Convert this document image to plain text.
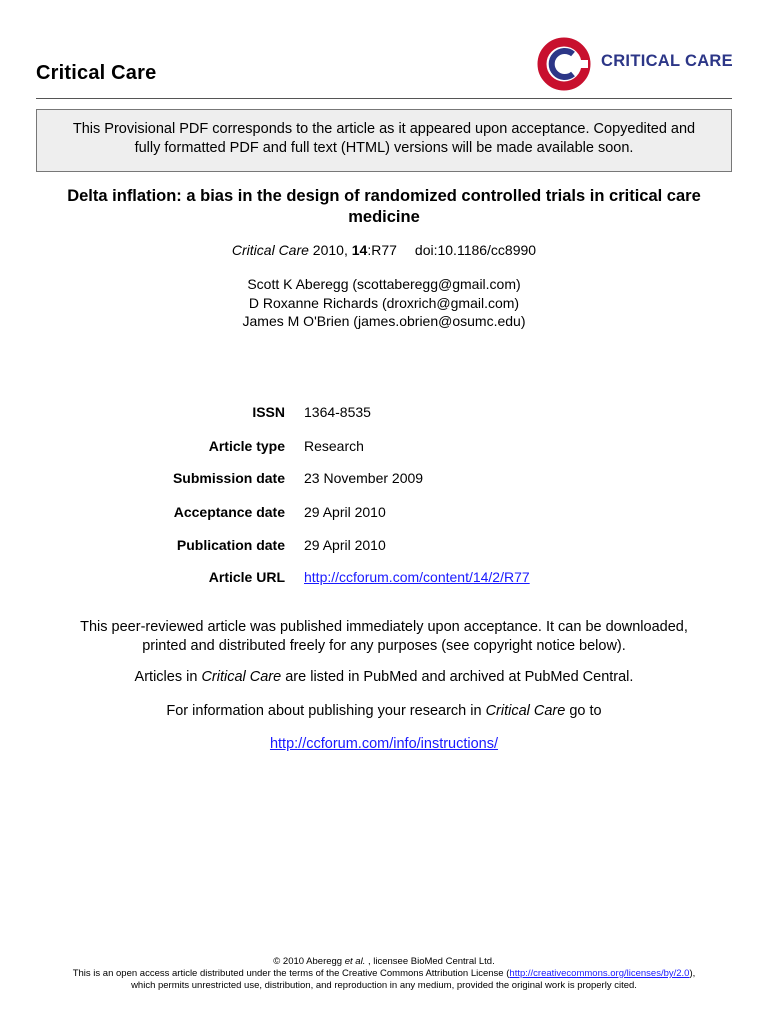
Critical Care
CRITICAL CARE
This Provisional PDF corresponds to the article as it appeared upon acceptance. Copyedited and
fully formatted PDF and full text (HTML) versions will be made available soon.
Delta inflation: a bias in the design of randomized controlled trials in critical care
medicine
Critical Care 2010, 14:R77 doi:10.1186/cc8990
Scott K Aberegg (scottaberegg@gmail.com)
D Roxanne Richards (droxrich@gmail.com)
James M O'Brien (james.obrien@osumc.edu)
ISSN 1364-8535
Article type Research
Submission date 23 November 2009
Acceptance date 29 April 2010
Publication date 29 April 2010
Article URL http://ccforum.com/content/14/2/R77
This peer-reviewed article was published immediately upon acceptance. It can be downloaded,
printed and distributed freely for any purposes (see copyright notice below).
Articles in Critical Care are listed in PubMed and archived at PubMed Central.
For information about publishing your research in Critical Care go to
http://ccforum.com/info/instructions/
© 2010 Aberegg et al. , licensee BioMed Central Ltd.
This is an open access article distributed under the terms of the Creative Commons Attribution License (http://creativecommons.org/licenses/by/2.0),
which permits unrestricted use, distribution, and reproduction in any medium, provided the original work is properly cited.
